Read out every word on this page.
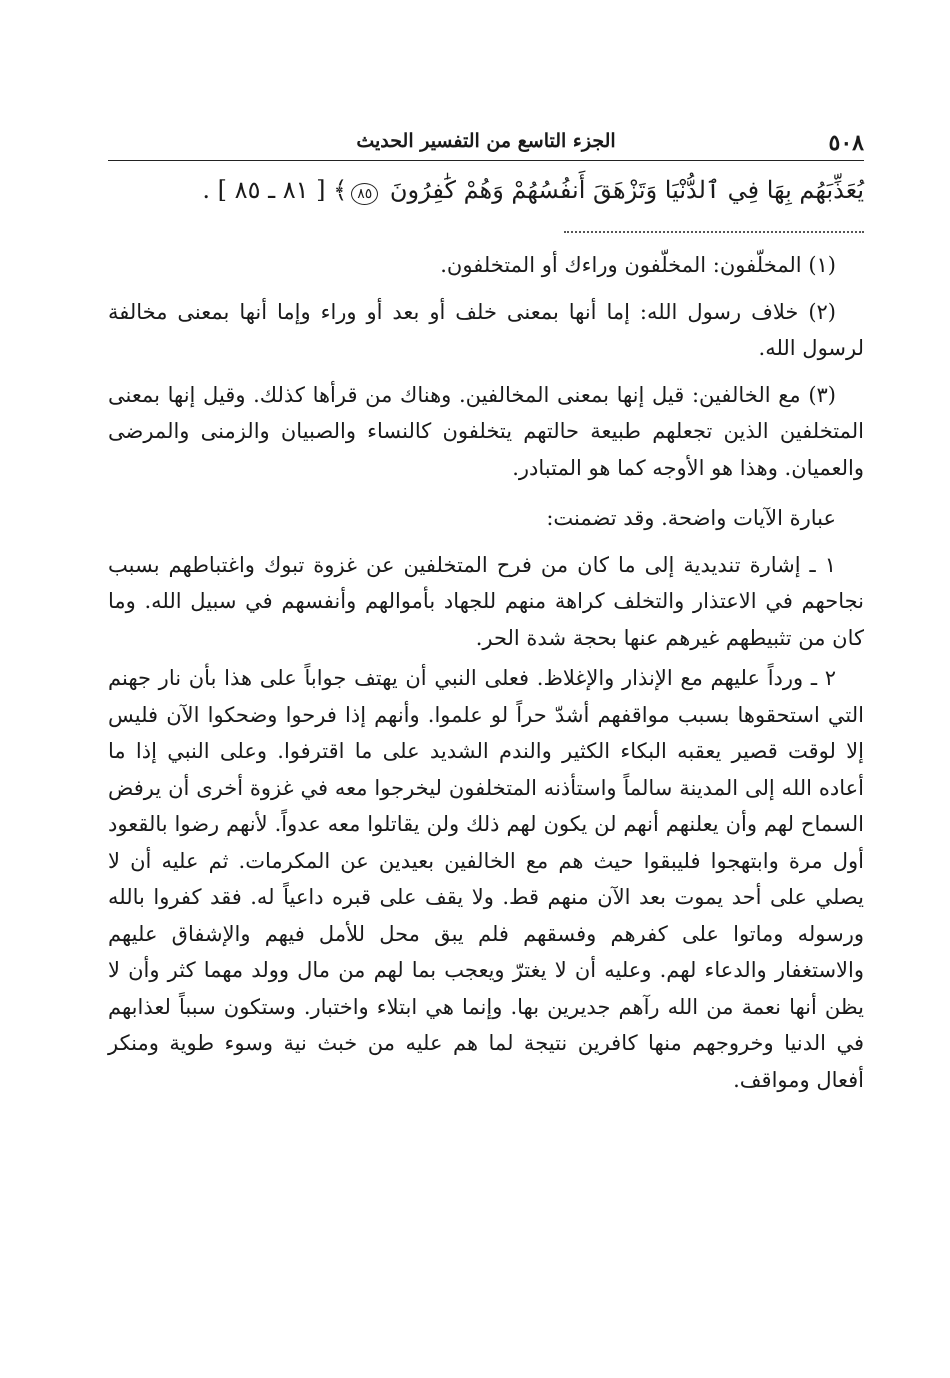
٥٠٨
الجزء التاسع من التفسير الحديث
يُعَذِّبَهُم بِهَا فِي ٱلدُّنْيَا وَتَزْهَقَ أَنفُسُهُمْ وَهُمْ كَٰفِرُونَ ٨٥﴾ [ ٨١ ـ ٨٥ ] .

(١) المخلّفون: المخلّفون وراءك أو المتخلفون.

(٢) خلاف رسول الله: إما أنها بمعنى خلف أو بعد أو وراء وإما أنها بمعنى مخالفة لرسول الله.

(٣) مع الخالفين: قيل إنها بمعنى المخالفين. وهناك من قرأها كذلك. وقيل إنها بمعنى المتخلفين الذين تجعلهم طبيعة حالتهم يتخلفون كالنساء والصبيان والزمنى والمرضى والعميان. وهذا هو الأوجه كما هو المتبادر.

عبارة الآيات واضحة. وقد تضمنت:

١ ـ إشارة تنديدية إلى ما كان من فرح المتخلفين عن غزوة تبوك واغتباطهم بسبب نجاحهم في الاعتذار والتخلف كراهة منهم للجهاد بأموالهم وأنفسهم في سبيل الله. وما كان من تثبيطهم غيرهم عنها بحجة شدة الحر.

٢ ـ ورداً عليهم مع الإنذار والإغلاظ. فعلى النبي أن يهتف جواباً على هذا بأن نار جهنم التي استحقوها بسبب مواقفهم أشدّ حراً لو علموا. وأنهم إذا فرحوا وضحكوا الآن فليس إلا لوقت قصير يعقبه البكاء الكثير والندم الشديد على ما اقترفوا. وعلى النبي إذا ما أعاده الله إلى المدينة سالماً واستأذنه المتخلفون ليخرجوا معه في غزوة أخرى أن يرفض السماح لهم وأن يعلنهم أنهم لن يكون لهم ذلك ولن يقاتلوا معه عدواً. لأنهم رضوا بالقعود أول مرة وابتهجوا فليبقوا حيث هم مع الخالفين بعيدين عن المكرمات. ثم عليه أن لا يصلي على أحد يموت بعد الآن منهم قط. ولا يقف على قبره داعياً له. فقد كفروا بالله ورسوله وماتوا على كفرهم وفسقهم فلم يبق محل للأمل فيهم والإشفاق عليهم والاستغفار والدعاء لهم. وعليه أن لا يغترّ ويعجب بما لهم من مال وولد مهما كثر وأن لا يظن أنها نعمة من الله رآهم جديرين بها. وإنما هي ابتلاء واختبار. وستكون سبباً لعذابهم في الدنيا وخروجهم منها كافرين نتيجة لما هم عليه من خبث نية وسوء طوية ومنكر أفعال ومواقف.
